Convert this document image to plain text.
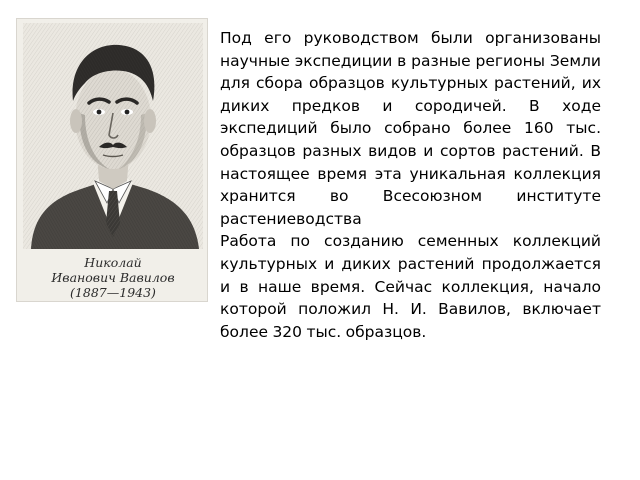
Николай
Иванович Вавилов
(1887—1943)

Под его руководством были организованы научные экспедиции в разные регионы Земли для сбора образцов культурных растений, их диких предков и сородичей. В ходе экспедиций было собрано более 160 тыс. образцов разных видов и сортов растений. В настоящее время эта уникальная коллекция хранится во Всесоюзном институте растениеводства

Работа по созданию семенных коллекций культурных и диких растений продолжается и в наше время. Сейчас коллекция, начало которой положил Н. И. Вавилов, включает более 320 тыс. образцов.
